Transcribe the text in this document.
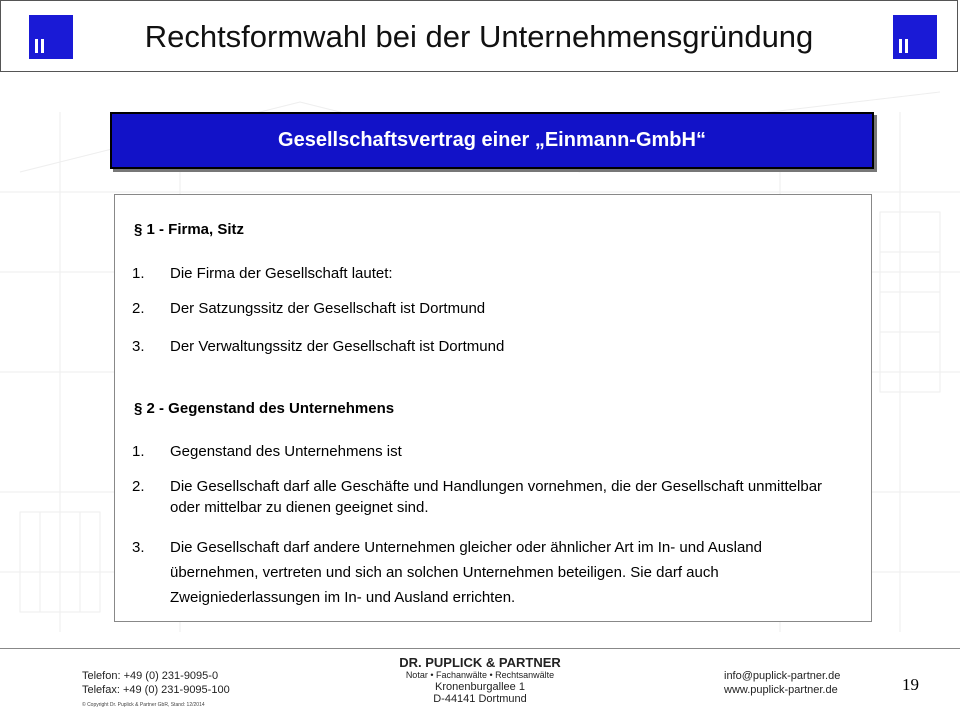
Rechtsformwahl bei der Unternehmensgründung
Gesellschaftsvertrag einer „Einmann-GmbH“
§ 1 - Firma, Sitz
1. Die Firma der Gesellschaft lautet:
2. Der Satzungssitz der Gesellschaft ist Dortmund
3. Der Verwaltungssitz der Gesellschaft ist Dortmund
§ 2 - Gegenstand des Unternehmens
1. Gegenstand des Unternehmens ist
2. Die Gesellschaft darf alle Geschäfte und Handlungen vornehmen, die der Gesellschaft unmittelbar oder mittelbar zu dienen geeignet sind.
3. Die Gesellschaft darf andere Unternehmen gleicher oder ähnlicher Art im In- und Ausland übernehmen, vertreten und sich an solchen Unternehmen beteiligen. Sie darf auch Zweigniederlassungen im In- und Ausland errichten.
Telefon: +49 (0) 231-9095-0
Telefax: +49 (0) 231-9095-100
© Copyright Dr. Puplick & Partner GbR, Stand: 12/2014
DR. PUPLICK & PARTNER
Notar • Fachanwälte • Rechtsanwälte
Kronenburgallee 1
D-44141 Dortmund
info@puplick-partner.de
www.puplick-partner.de	19
